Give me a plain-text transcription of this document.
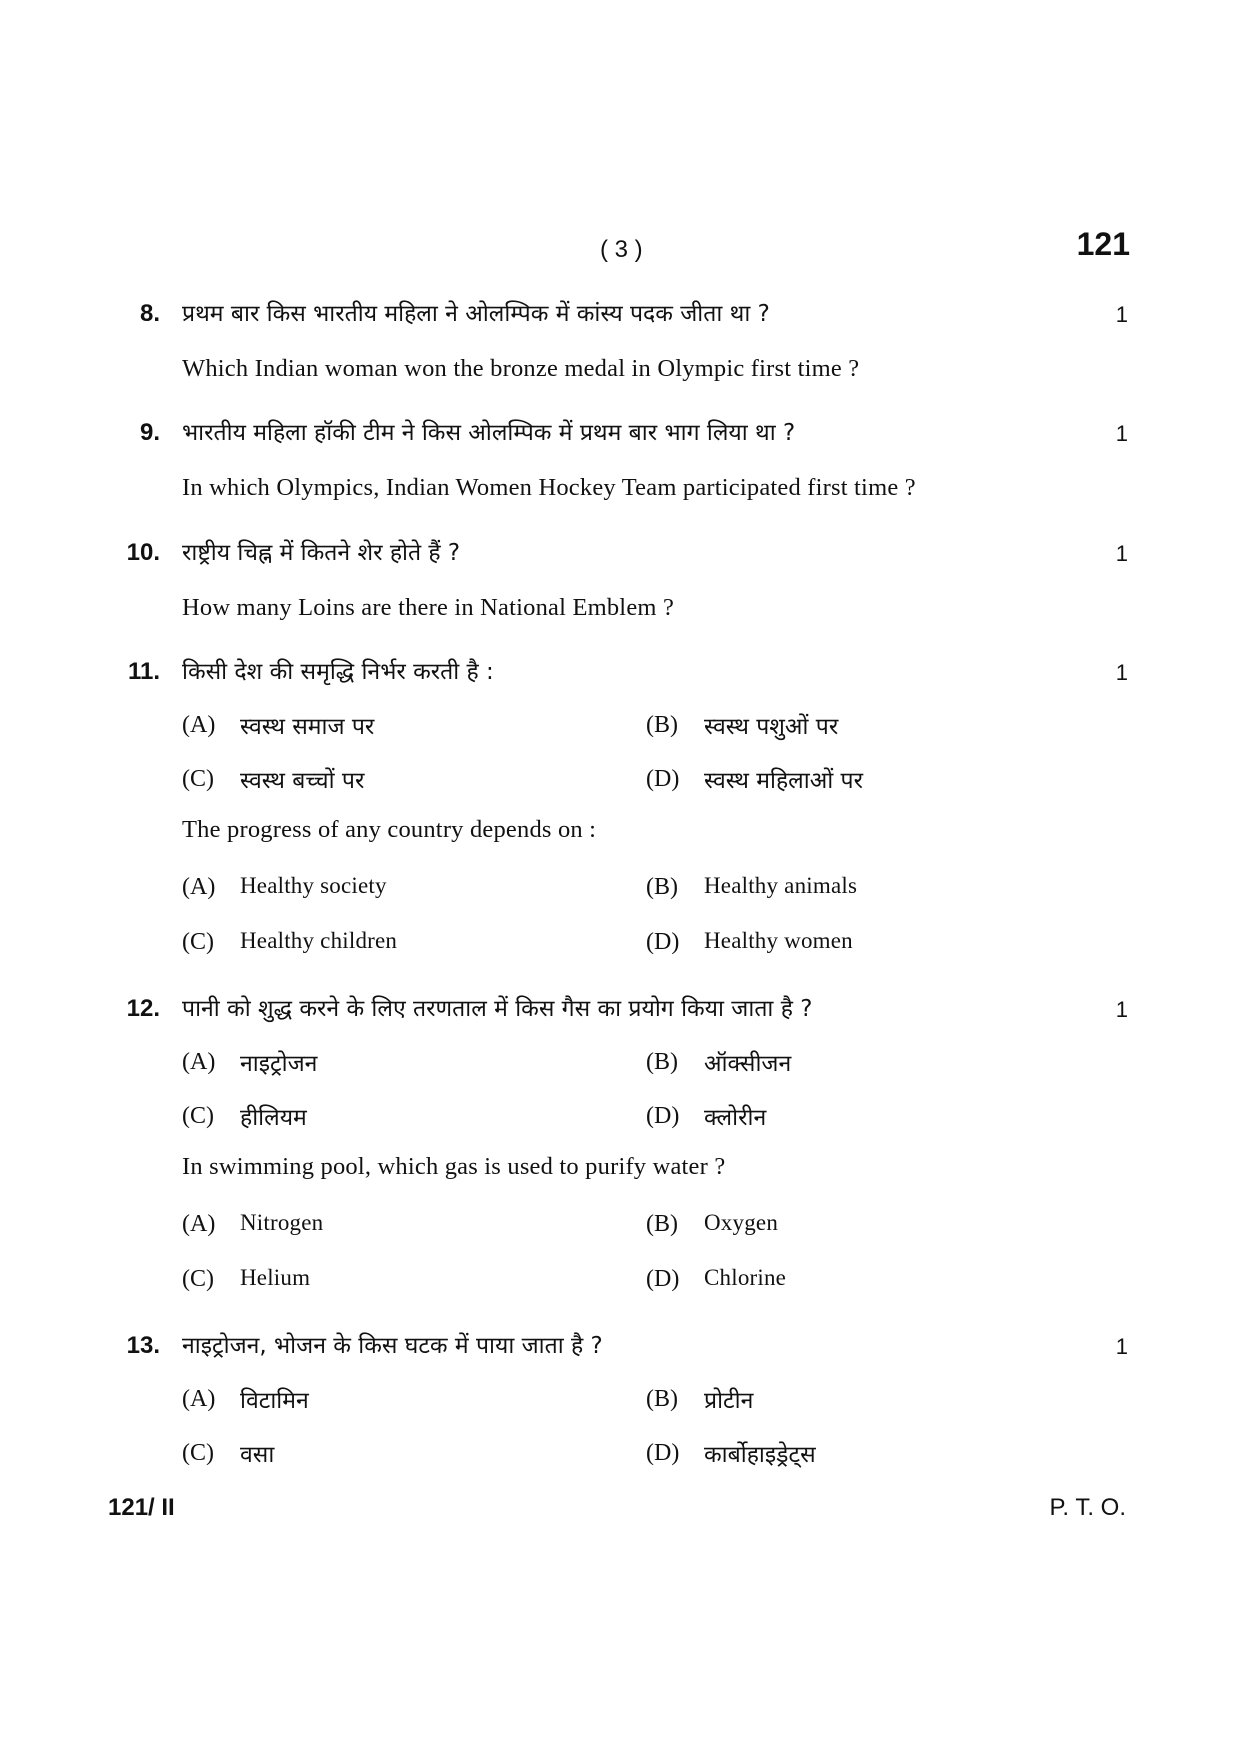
( 3 )	121
8. प्रथम बार किस भारतीय महिला ने ओलम्पिक में कांस्य पदक जीता था ?	1
Which Indian woman won the bronze medal in Olympic first time ?
9. भारतीय महिला हॉकी टीम ने किस ओलम्पिक में प्रथम बार भाग लिया था ?	1
In which Olympics, Indian Women Hockey Team participated first time ?
10. राष्ट्रीय चिह्न में कितने शेर होते हैं ?	1
How many Loins are there in National Emblem ?
11. किसी देश की समृद्धि निर्भर करती है :	1
(A) स्वस्थ समाज पर	(B) स्वस्थ पशुओं पर
(C) स्वस्थ बच्चों पर	(D) स्वस्थ महिलाओं पर
The progress of any country depends on :
(A) Healthy society	(B) Healthy animals
(C) Healthy children	(D) Healthy women
12. पानी को शुद्ध करने के लिए तरणताल में किस गैस का प्रयोग किया जाता है ?	1
(A) नाइट्रोजन	(B) ऑक्सीजन
(C) हीलियम	(D) क्लोरीन
In swimming pool, which gas is used to purify water ?
(A) Nitrogen	(B) Oxygen
(C) Helium	(D) Chlorine
13. नाइट्रोजन, भोजन के किस घटक में पाया जाता है ?	1
(A) विटामिन	(B) प्रोटीन
(C) वसा	(D) कार्बोहाइड्रेट्स
121/ II	P. T. O.
